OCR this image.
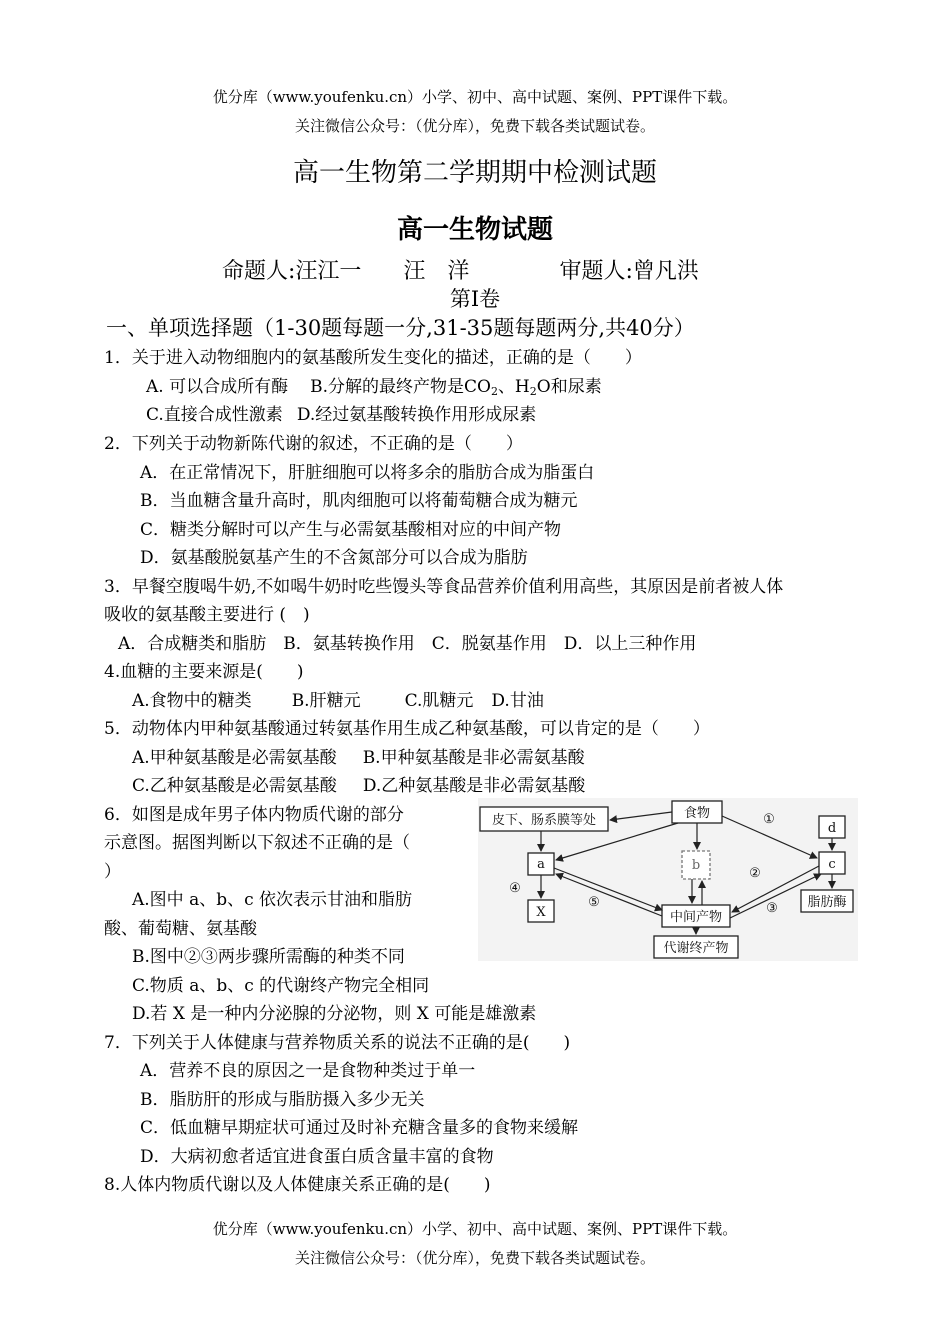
优分库（www.youfenku.cn）小学、初中、高中试题、案例、PPT课件下载。
关注微信公众号：（优分库），免费下载各类试题试卷。
高一生物第二学期期中检测试题
高一生物试题
命题人:汪江一 汪　洋	审题人:曾凡洪
第Ⅰ卷
一、单项选择题（1-30题每题一分,31-35题每题两分,共40分）
1．关于进入动物细胞内的氨基酸所发生变化的描述，正确的是（　　）
A. 可以合成所有酶 B.分解的最终产物是$CO_2$、$H_2O$和尿素
C.直接合成性激素 D.经过氨基酸转换作用形成尿素
2．下列关于动物新陈代谢的叙述，不正确的是（　　）
A．在正常情况下，肝脏细胞可以将多余的脂肪合成为脂蛋白
B．当血糖含量升高时，肌肉细胞可以将葡萄糖合成为糖元
C．糖类分解时可以产生与必需氨基酸相对应的中间产物
D．氨基酸脱氨基产生的不含氮部分可以合成为脂肪
3．早餐空腹喝牛奶,不如喝牛奶时吃些馒头等食品营养价值利用高些，其原因是前者被人体
吸收的氨基酸主要进行 (　)
A．合成糖类和脂肪　B．氨基转换作用　C．脱氨基作用　D．以上三种作用
4.血糖的主要来源是(　　)
A.食物中的糖类 B.肝糖元	C.肌糖元 D.甘油
5．动物体内甲种氨基酸通过转氨基作用生成乙种氨基酸，可以肯定的是（　　）
A.甲种氨基酸是必需氨基酸 B.甲种氨基酸是非必需氨基酸
C.乙种氨基酸是必需氨基酸 D.乙种氨基酸是非必需氨基酸
6．如图是成年男子体内物质代谢的部分
示意图。据图判断以下叙述不正确的是（
）
A.图中 a、b、c 依次表示甘油和脂肪
酸、葡萄糖、氨基酸
B.图中②③两步骤所需酶的种类不同
C.物质 a、b、c 的代谢终产物完全相同
D.若 X 是一种内分泌腺的分泌物，则 X 可能是雄激素
皮下、肠系膜等处	食物
a	b	c
d
X	中间产物
代谢终产物
脂肪酶
①
②
③
④
⑤
7．下列关于人体健康与营养物质关系的说法不正确的是(　　)
A．营养不良的原因之一是食物种类过于单一
B．脂肪肝的形成与脂肪摄入多少无关
C．低血糖早期症状可通过及时补充糖含量多的食物来缓解
D．大病初愈者适宜进食蛋白质含量丰富的食物
8.人体内物质代谢以及人体健康关系正确的是(　　)
优分库（www.youfenku.cn）小学、初中、高中试题、案例、PPT课件下载。
关注微信公众号：（优分库），免费下载各类试题试卷。
